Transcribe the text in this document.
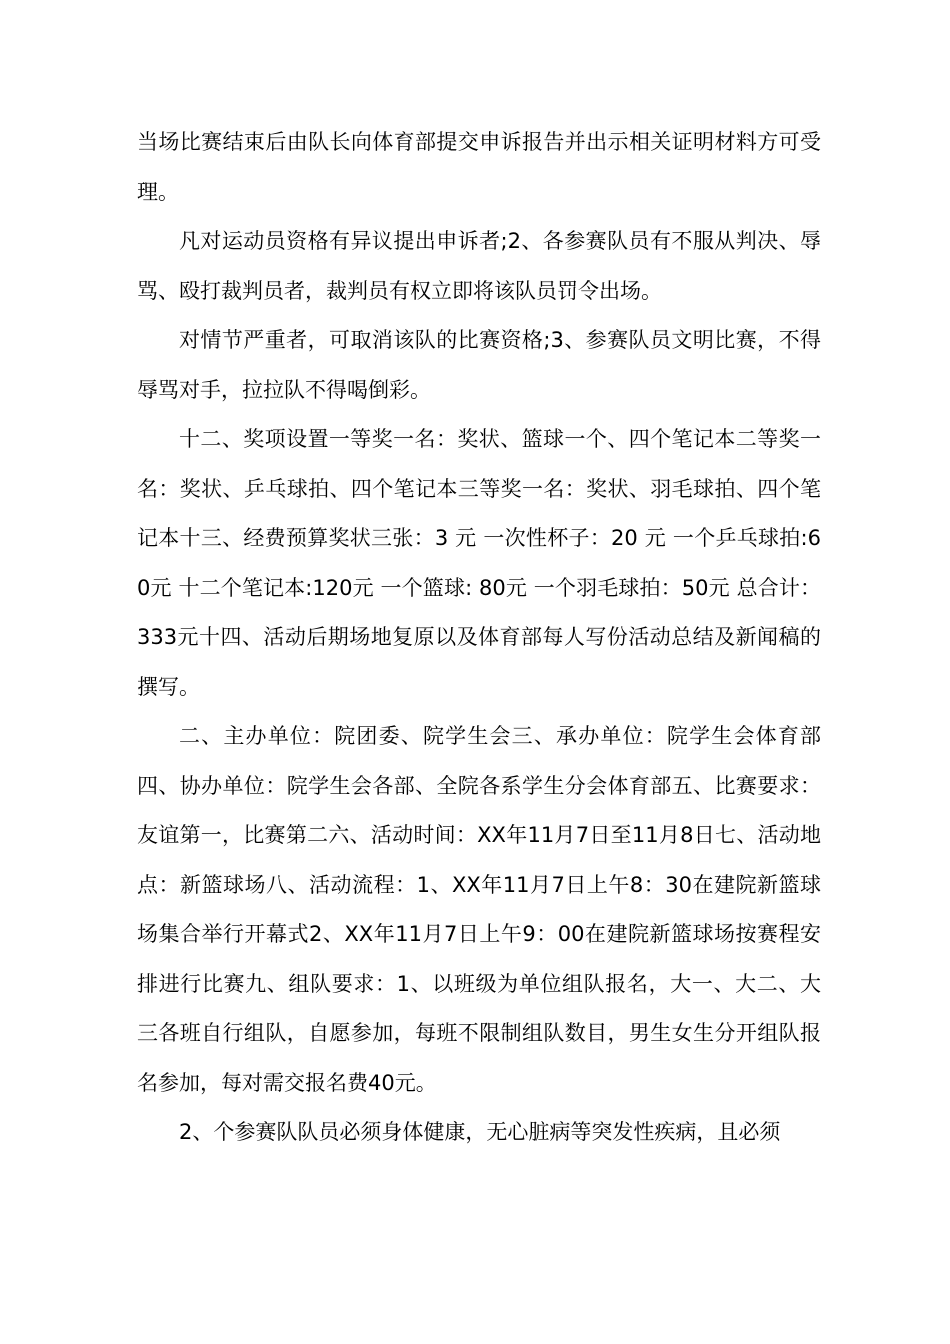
当场比赛结束后由队长向体育部提交申诉报告并出示相关证明材料方可受理。

凡对运动员资格有异议提出申诉者;2、各参赛队员有不服从判决、辱骂、殴打裁判员者，裁判员有权立即将该队员罚令出场。

对情节严重者，可取消该队的比赛资格;3、参赛队员文明比赛，不得辱骂对手，拉拉队不得喝倒彩。

十二、奖项设置一等奖一名：奖状、篮球一个、四个笔记本二等奖一名：奖状、乒乓球拍、四个笔记本三等奖一名：奖状、羽毛球拍、四个笔记本十三、经费预算奖状三张：3 元 一次性杯子：20 元 一个乒乓球拍:60元 十二个笔记本:120元 一个篮球: 80元 一个羽毛球拍：50元 总合计：333元十四、活动后期场地复原以及体育部每人写份活动总结及新闻稿的撰写。

二、主办单位：院团委、院学生会三、承办单位：院学生会体育部四、协办单位：院学生会各部、全院各系学生分会体育部五、比赛要求：友谊第一，比赛第二六、活动时间：XX年11月7日至11月8日七、活动地点：新篮球场八、活动流程：1、XX年11月7日上午8：30在建院新篮球场集合举行开幕式2、XX年11月7日上午9：00在建院新篮球场按赛程安排进行比赛九、组队要求：1、以班级为单位组队报名，大一、大二、大三各班自行组队，自愿参加，每班不限制组队数目，男生女生分开组队报名参加，每对需交报名费40元。

2、个参赛队队员必须身体健康，无心脏病等突发性疾病，且必须
